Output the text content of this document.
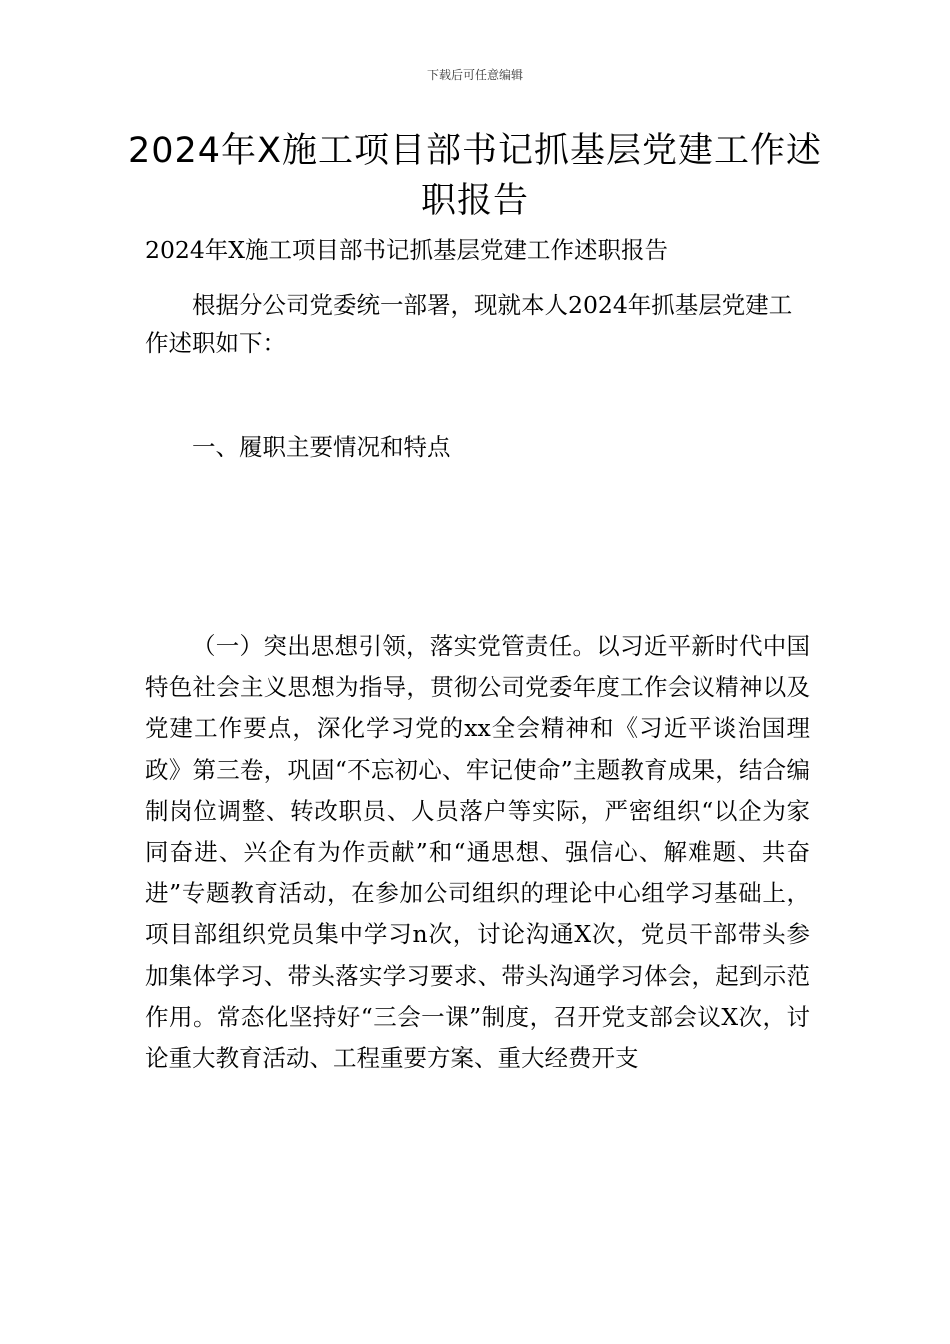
下载后可任意编辑
2024年X施工项目部书记抓基层党建工作述职报告

2024年X施工项目部书记抓基层党建工作述职报告

根据分公司党委统一部署，现就本人2024年抓基层党建工作述职如下：

一、履职主要情况和特点

（一）突出思想引领，落实党管责任。以习近平新时代中国特色社会主义思想为指导，贯彻公司党委年度工作会议精神以及党建工作要点，深化学习党的xx全会精神和《习近平谈治国理政》第三卷，巩固“不忘初心、牢记使命”主题教育成果，结合编制岗位调整、转改职员、人员落户等实际，严密组织“以企为家同奋进、兴企有为作贡献”和“通思想、强信心、解难题、共奋进”专题教育活动，在参加公司组织的理论中心组学习基础上，项目部组织党员集中学习n次，讨论沟通X次，党员干部带头参加集体学习、带头落实学习要求、带头沟通学习体会，起到示范作用。常态化坚持好“三会一课”制度，召开党支部会议X次，讨论重大教育活动、工程重要方案、重大经费开支
